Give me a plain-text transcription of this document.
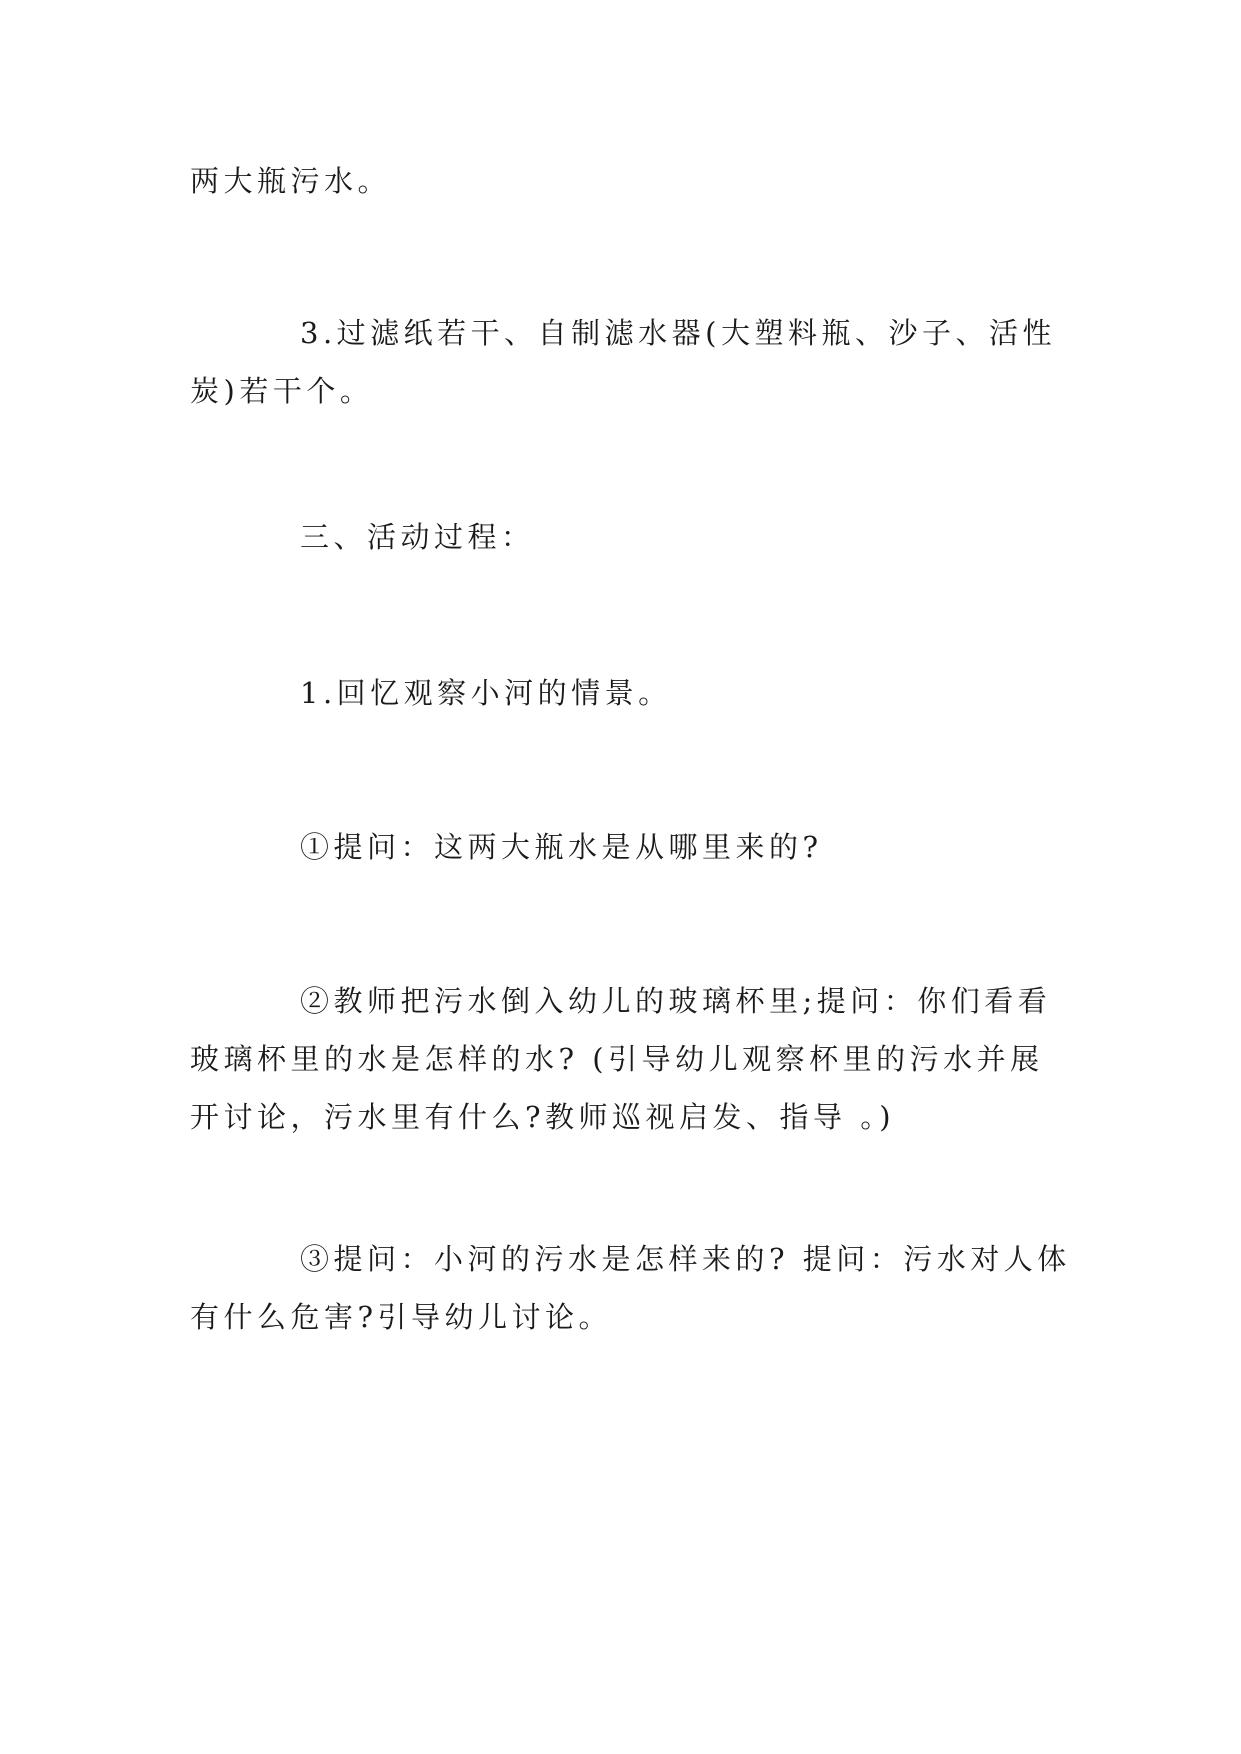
两大瓶污水。

3.过滤纸若干、自制滤水器(大塑料瓶、沙子、活性
炭)若干个。

三、活动过程：

1.回忆观察小河的情景。

①提问：这两大瓶水是从哪里来的?

②教师把污水倒入幼儿的玻璃杯里;提问：你们看看
玻璃杯里的水是怎样的水? (引导幼儿观察杯里的污水并展
开讨论，污水里有什么?教师巡视启发、指导 。)

③提问：小河的污水是怎样来的? 提问：污水对人体
有什么危害?引导幼儿讨论。
